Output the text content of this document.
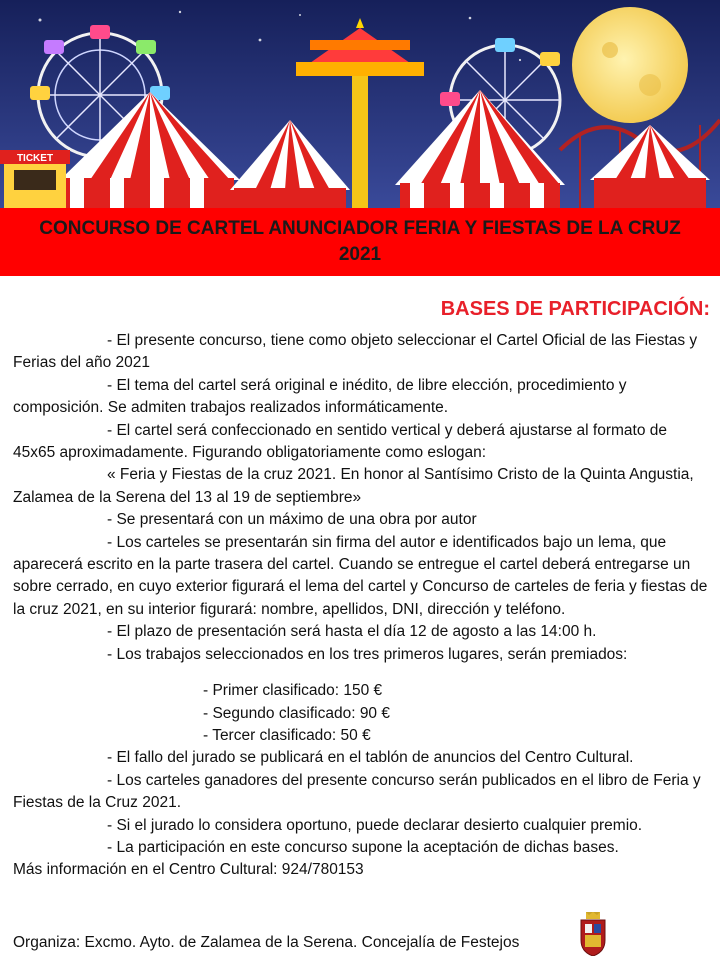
TICKET
CONCURSO DE CARTEL ANUNCIADOR FERIA Y FIESTAS DE LA CRUZ 2021
BASES DE PARTICIPACIÓN:

- El presente concurso, tiene como objeto seleccionar el Cartel Oficial de las Fiestas y Ferias del año 2021

- El tema del cartel será original e inédito, de libre elección, procedimiento y composición. Se admiten trabajos realizados informáticamente.

- El cartel será confeccionado en sentido vertical y deberá ajustarse al formato de 45x65 aproximadamente. Figurando obligatoriamente como eslogan:

« Feria y Fiestas de la cruz 2021. En honor al Santísimo Cristo de la Quinta Angustia, Zalamea de la Serena del 13 al 19 de septiembre»

- Se presentará con un máximo de una obra por autor

- Los carteles se presentarán sin firma del autor e identificados bajo un lema, que aparecerá escrito en la parte trasera del cartel. Cuando se entregue el cartel deberá entregarse un sobre cerrado, en cuyo exterior figurará el lema del cartel y Concurso de carteles de feria y fiestas de la cruz 2021, en su interior figurará: nombre, apellidos, DNI, dirección y teléfono.

- El plazo de presentación será hasta el día 12 de agosto a las 14:00 h.

- Los trabajos seleccionados en los tres primeros lugares, serán premiados:

- Primer clasificado: 150 €

- Segundo clasificado: 90 €

- Tercer clasificado: 50 €

- El fallo del jurado se publicará en el tablón de anuncios del Centro Cultural.

- Los carteles ganadores del presente concurso serán publicados en el libro de Feria y Fiestas de la Cruz 2021.

- Si el jurado lo considera oportuno, puede declarar desierto cualquier premio.

- La participación en este concurso supone la aceptación de dichas bases.

Más información en el Centro Cultural: 924/780153

Organiza: Excmo. Ayto. de Zalamea de la Serena. Concejalía de Festejos
